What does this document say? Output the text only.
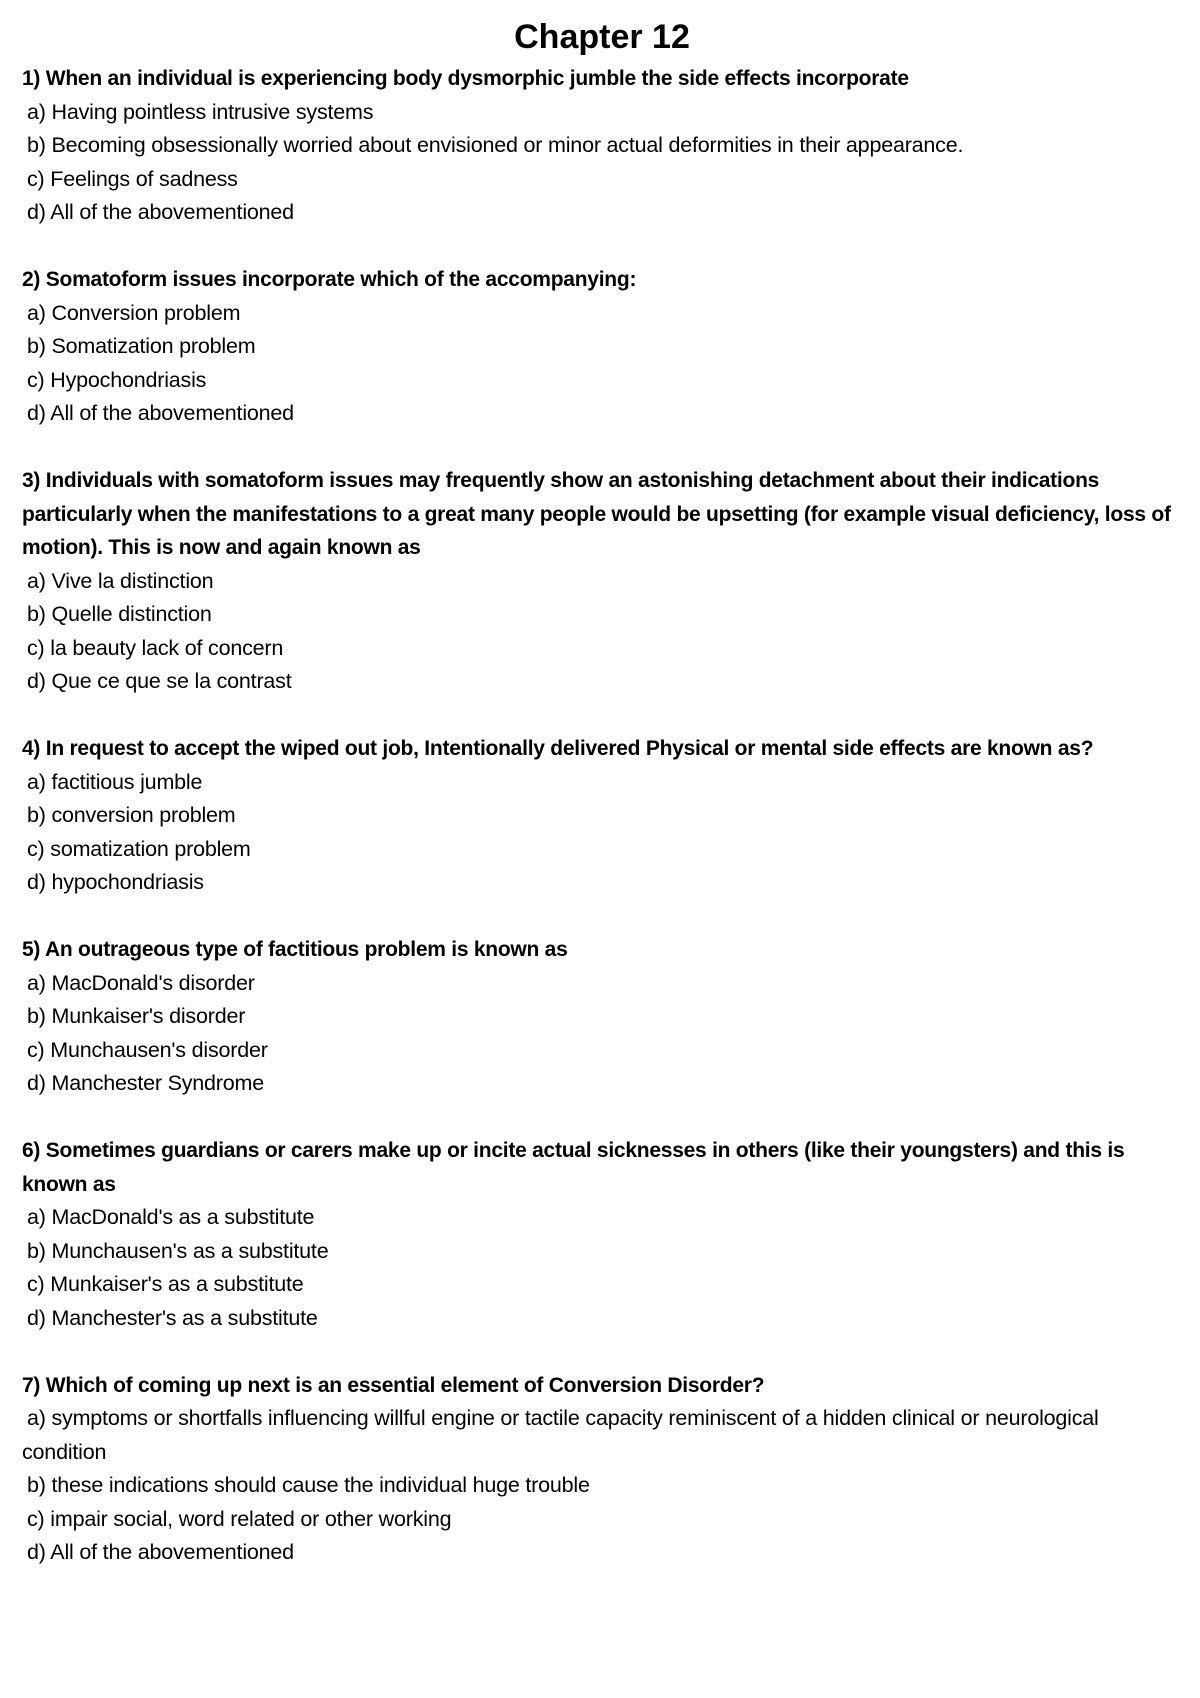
Chapter 12
1) When an individual is experiencing body dysmorphic jumble the side effects incorporate
a) Having pointless intrusive systems
b) Becoming obsessionally worried about envisioned or minor actual deformities in their appearance.
c) Feelings of sadness
d) All of the abovementioned
2) Somatoform issues incorporate which of the accompanying:
a) Conversion problem
b) Somatization problem
c) Hypochondriasis
d) All of the abovementioned
3) Individuals with somatoform issues may frequently show an astonishing detachment about their indications particularly when the manifestations to a great many people would be upsetting (for example visual deficiency, loss of motion). This is now and again known as
a) Vive la distinction
b) Quelle distinction
c) la beauty lack of concern
d) Que ce que se la contrast
4) In request to accept the wiped out job, Intentionally delivered Physical or mental side effects are known as?
a) factitious jumble
b) conversion problem
c) somatization problem
d) hypochondriasis
5) An outrageous type of factitious problem is known as
a) MacDonald's disorder
b) Munkaiser's disorder
c) Munchausen's disorder
d) Manchester Syndrome
6) Sometimes guardians or carers make up or incite actual sicknesses in others (like their youngsters) and this is known as
a) MacDonald's as a substitute
b) Munchausen's as a substitute
c) Munkaiser's as a substitute
d) Manchester's as a substitute
7) Which of coming up next is an essential element of Conversion Disorder?
a) symptoms or shortfalls influencing willful engine or tactile capacity reminiscent of a hidden clinical or neurological condition
b) these indications should cause the individual huge trouble
c) impair social, word related or other working
d) All of the abovementioned
